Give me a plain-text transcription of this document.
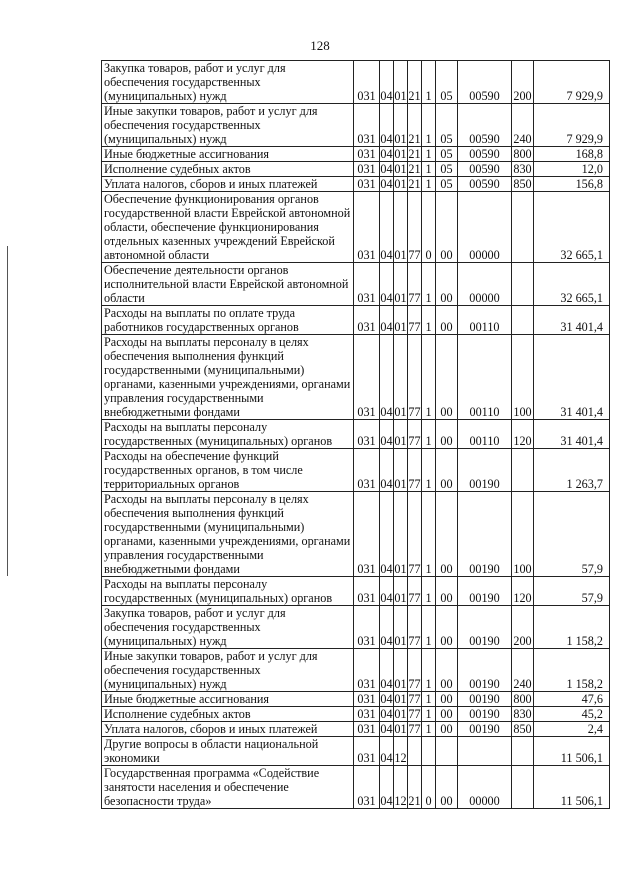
128
Закупка товаров, работ и услуг для обеспечения государственных (муниципальных) нужд	031	04	01	21	1	05	00590	200	7 929,9
Иные закупки товаров, работ и услуг для обеспечения государственных (муниципальных) нужд	031	04	01	21	1	05	00590	240	7 929,9
Иные бюджетные ассигнования	031	04	01	21	1	05	00590	800	168,8
Исполнение судебных актов	031	04	01	21	1	05	00590	830	12,0
Уплата налогов, сборов и иных платежей	031	04	01	21	1	05	00590	850	156,8
Обеспечение функционирования органов государственной власти Еврейской автономной области, обеспечение функционирования отдельных казенных учреждений Еврейской автономной области	031	04	01	77	0	00	00000		32 665,1
Обеспечение деятельности органов исполнительной власти Еврейской автономной области	031	04	01	77	1	00	00000		32 665,1
Расходы на выплаты по оплате труда работников государственных органов	031	04	01	77	1	00	00110		31 401,4
Расходы на выплаты персоналу в целях обеспечения выполнения функций государственными (муниципальными) органами, казенными учреждениями, органами управления государственными внебюджетными фондами	031	04	01	77	1	00	00110	100	31 401,4
Расходы на выплаты персоналу государственных (муниципальных) органов	031	04	01	77	1	00	00110	120	31 401,4
Расходы на обеспечение функций государственных органов, в том числе территориальных органов	031	04	01	77	1	00	00190		1 263,7
Расходы на выплаты персоналу в целях обеспечения выполнения функций государственными (муниципальными) органами, казенными учреждениями, органами управления государственными внебюджетными фондами	031	04	01	77	1	00	00190	100	57,9
Расходы на выплаты персоналу государственных (муниципальных) органов	031	04	01	77	1	00	00190	120	57,9
Закупка товаров, работ и услуг для обеспечения государственных (муниципальных) нужд	031	04	01	77	1	00	00190	200	1 158,2
Иные закупки товаров, работ и услуг для обеспечения государственных (муниципальных) нужд	031	04	01	77	1	00	00190	240	1 158,2
Иные бюджетные ассигнования	031	04	01	77	1	00	00190	800	47,6
Исполнение судебных актов	031	04	01	77	1	00	00190	830	45,2
Уплата налогов, сборов и иных платежей	031	04	01	77	1	00	00190	850	2,4
Другие вопросы в области национальной экономики	031	04	12						11 506,1
Государственная программа «Содействие занятости населения и обеспечение безопасности труда»	031	04	12	21	0	00	00000		11 506,1
